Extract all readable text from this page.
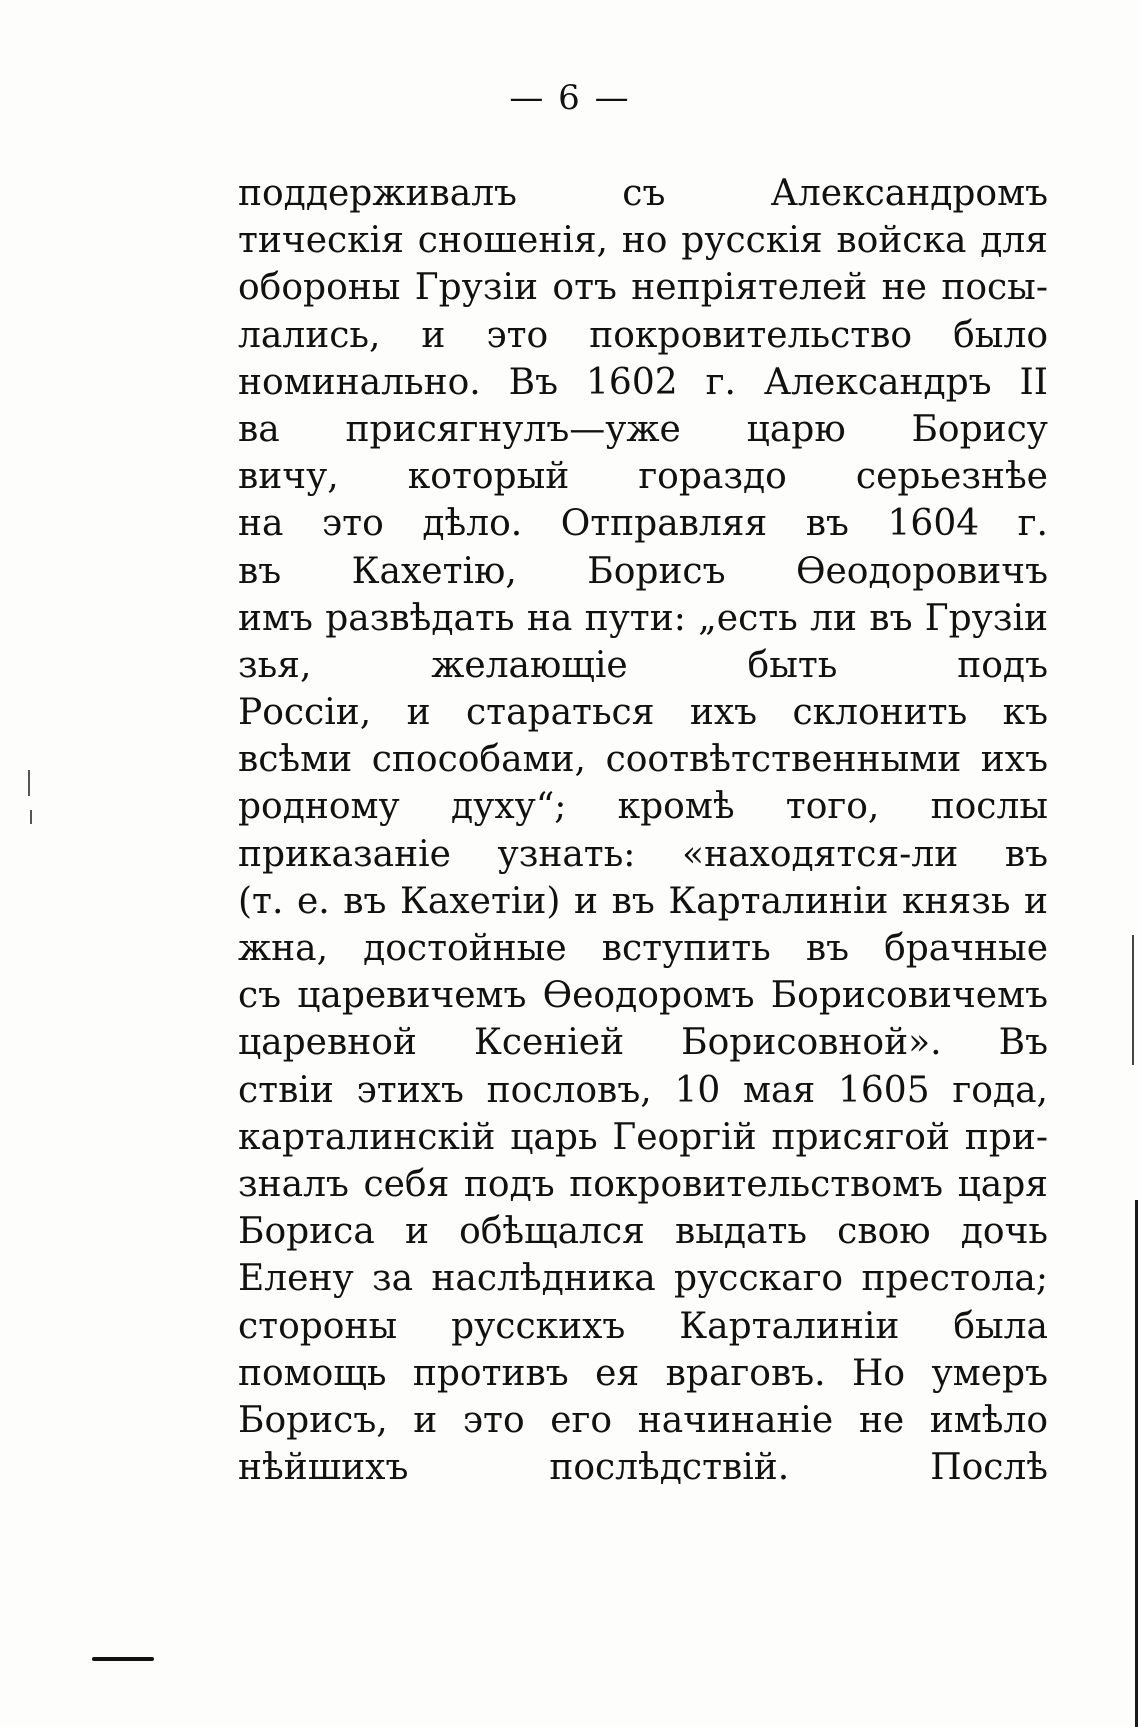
— 6 —
поддерживалъ съ Александромъ
тическія сношенія, но русскія войска для
обороны Грузіи отъ непріятелей не посы-
лались, и это покровительство было
номинально. Въ 1602 г. Александръ II
ва присягнулъ—уже царю Борису
вичу, который гораздо серьезнѣе
на это дѣло. Отправляя въ 1604 г.
въ Кахетію, Борисъ Өеодоровичъ
имъ развѣдать на пути: „есть ли въ Грузіи
зья, желающіе быть подъ
Россіи, и стараться ихъ склонить къ
всѣми способами, соотвѣтственными ихъ
родному духу“; кромѣ того, послы
приказаніе узнать: «находятся-ли въ
(т. е. въ Кахетіи) и въ Карталиніи князь и
жна, достойные вступить въ брачные
съ царевичемъ Өеодоромъ Борисовичемъ
царевной Ксеніей Борисовной». Въ
ствіи этихъ пословъ, 10 мая 1605 года,
карталинскій царь Георгій присягой при-
зналъ себя подъ покровительствомъ царя
Бориса и обѣщался выдать свою дочь
Елену за наслѣдника русскаго престола;
стороны русскихъ Карталиніи была
помощь противъ ея враговъ. Но умеръ
Борисъ, и это его начинаніе не имѣло
нѣйшихъ послѣдствій. Послѣ
